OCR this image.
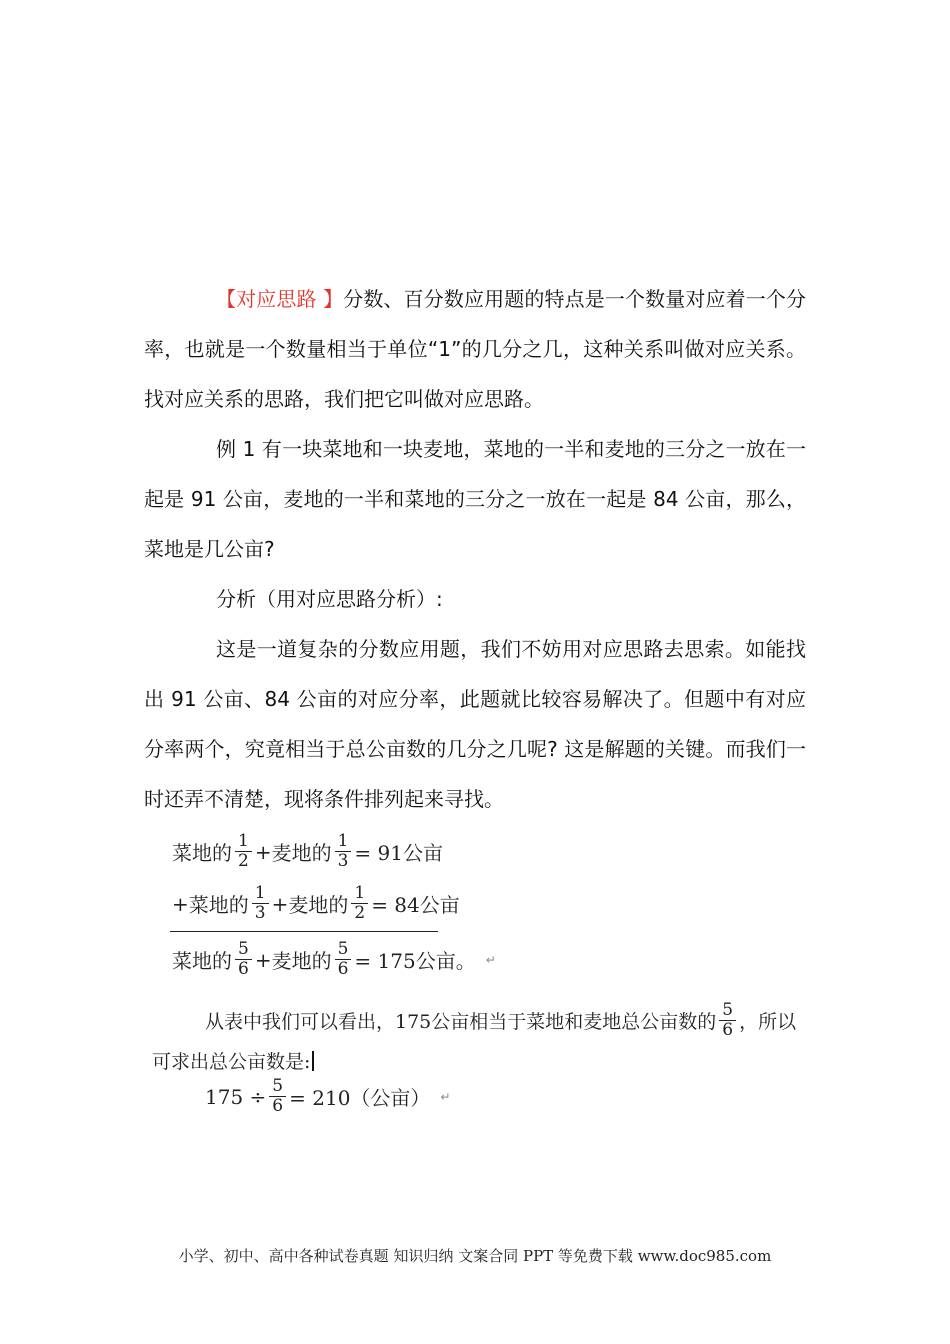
【对应思路 】分数、百分数应用题的特点是一个数量对应着一个分率，也就是一个数量相当于单位“1”的几分之几，这种关系叫做对应关系。找对应关系的思路，我们把它叫做对应思路。

例 1 有一块菜地和一块麦地，菜地的一半和麦地的三分之一放在一起是 91 公亩，麦地的一半和菜地的三分之一放在一起是 84 公亩，那么，菜地是几公亩?

分析（用对应思路分析）:

这是一道复杂的分数应用题，我们不妨用对应思路去思索。如能找出 91 公亩、84 公亩的对应分率，此题就比较容易解决了。但题中有对应分率两个，究竟相当于总公亩数的几分之几呢? 这是解题的关键。而我们一时还弄不清楚，现将条件排列起来寻找。

菜地的 $\frac{1}{2}$ + 麦地的 $\frac{1}{3} = 91$公亩
+ 菜地的 $\frac{1}{3}$ + 麦地的 $\frac{1}{2} = 84$公亩
菜地的 $\frac{5}{6}$ + 麦地的 $\frac{5}{6} = 175$公亩。 ↵
从表中我们可以看出，175公亩相当于菜地和麦地总公亩数的 $\frac{5}{6}$ ，所以
可求出总公亩数是:
$175 \div \frac{5}{6} = 210$（公亩） ↵
小学、初中、高中各种试卷真题 知识归纳 文案合同 PPT 等免费下载 www.doc985.com
